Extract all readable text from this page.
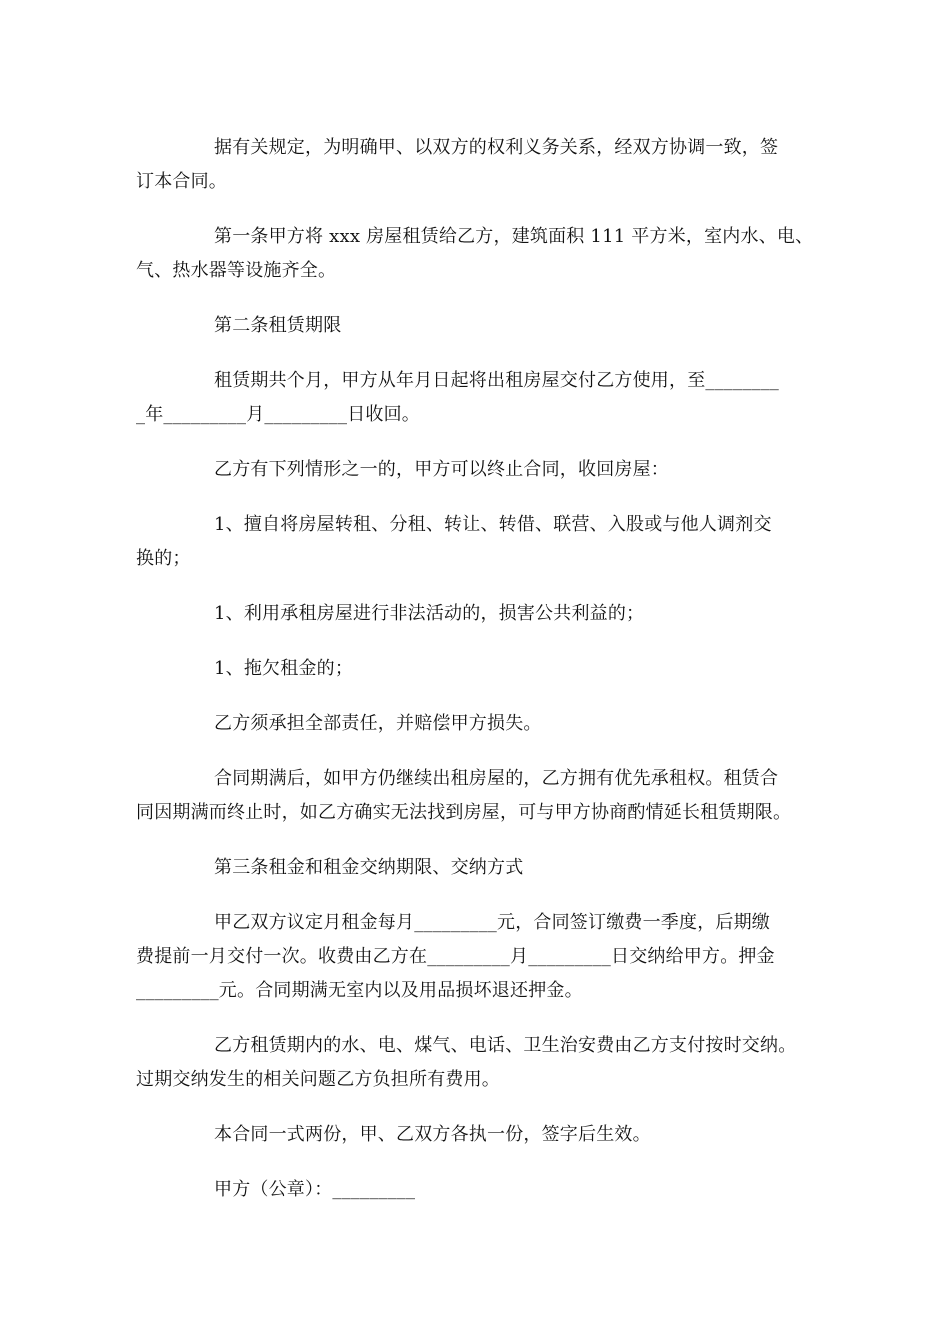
据有关规定，为明确甲、以双方的权利义务关系，经双方协调一致，签

订本合同。

第一条甲方将 xxx 房屋租赁给乙方，建筑面积 111 平方米，室内水、电、

气、热水器等设施齐全。

第二条租赁期限

租赁期共个月，甲方从年月日起将出租房屋交付乙方使用，至________

_年_________月_________日收回。

乙方有下列情形之一的，甲方可以终止合同，收回房屋：

1、擅自将房屋转租、分租、转让、转借、联营、入股或与他人调剂交

换的；

1、利用承租房屋进行非法活动的，损害公共利益的；

1、拖欠租金的；

乙方须承担全部责任，并赔偿甲方损失。

合同期满后，如甲方仍继续出租房屋的，乙方拥有优先承租权。租赁合

同因期满而终止时，如乙方确实无法找到房屋，可与甲方协商酌情延长租赁期限。

第三条租金和租金交纳期限、交纳方式

甲乙双方议定月租金每月_________元，合同签订缴费一季度，后期缴

费提前一月交付一次。收费由乙方在_________月_________日交纳给甲方。押金

_________元。合同期满无室内以及用品损坏退还押金。

乙方租赁期内的水、电、煤气、电话、卫生治安费由乙方支付按时交纳。

过期交纳发生的相关问题乙方负担所有费用。

本合同一式两份，甲、乙双方各执一份，签字后生效。

甲方（公章）：_________
